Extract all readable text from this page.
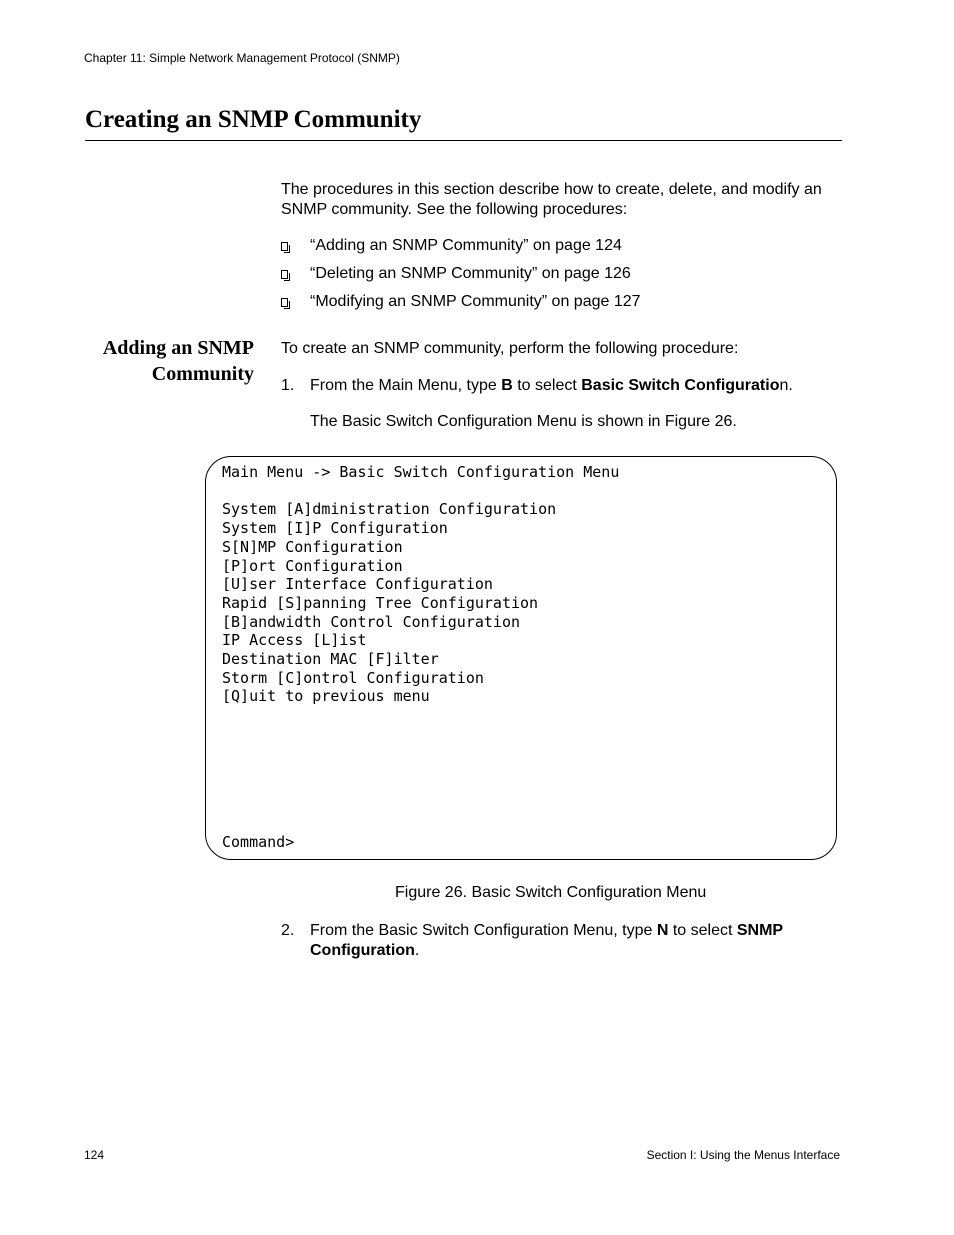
Chapter 11: Simple Network Management Protocol (SNMP)
Creating an SNMP Community
The procedures in this section describe how to create, delete, and modify an SNMP community. See the following procedures:
“Adding an SNMP Community” on page 124
“Deleting an SNMP Community” on page 126
“Modifying an SNMP Community” on page 127
Adding an SNMP
Community
To create an SNMP community, perform the following procedure:
1. From the Main Menu, type B to select Basic Switch Configuration.
The Basic Switch Configuration Menu is shown in Figure 26.
Main Menu -> Basic Switch Configuration Menu

System [A]dministration Configuration
System [I]P Configuration
S[N]MP Configuration
[P]ort Configuration
[U]ser Interface Configuration
Rapid [S]panning Tree Configuration
[B]andwidth Control Configuration
IP Access [L]ist
Destination MAC [F]ilter
Storm [C]ontrol Configuration
[Q]uit to previous menu
Command>
Figure 26. Basic Switch Configuration Menu
2. From the Basic Switch Configuration Menu, type N to select SNMP Configuration.
124	Section I: Using the Menus Interface
